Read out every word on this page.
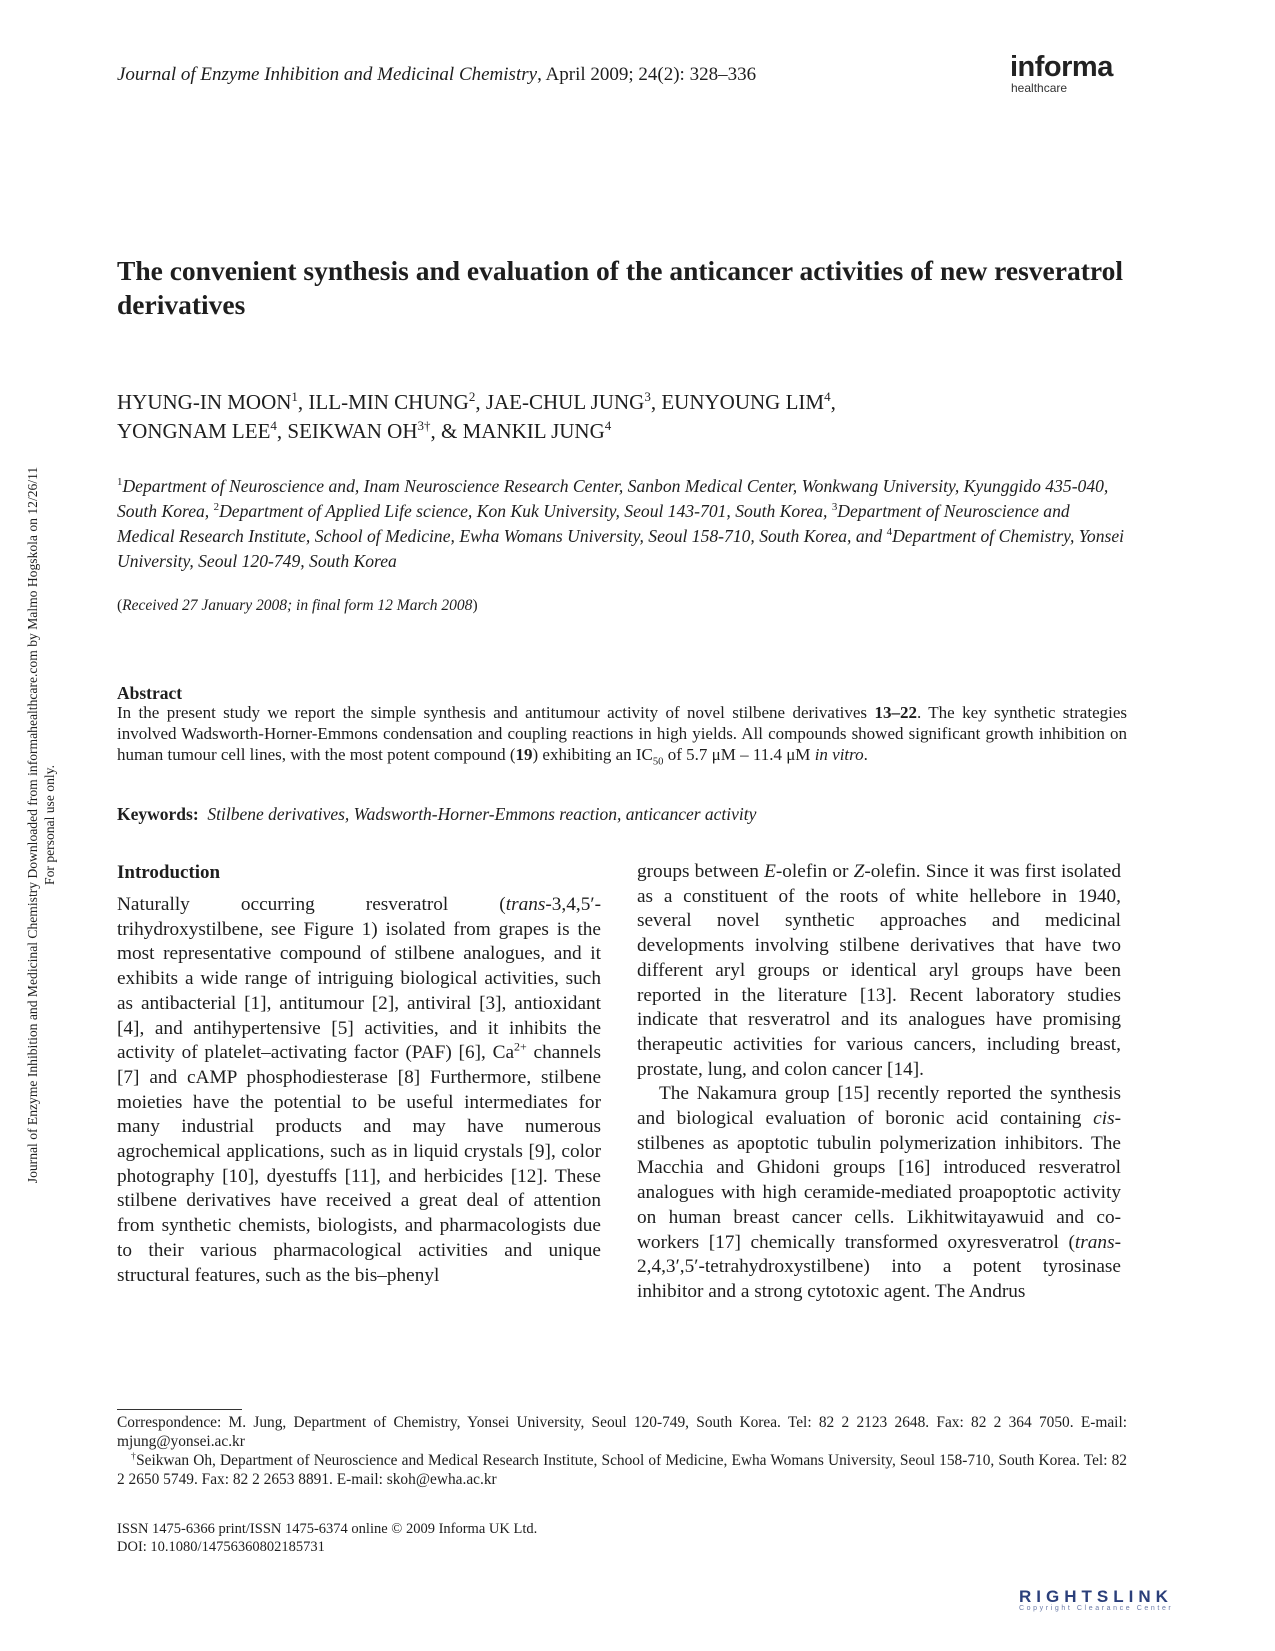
Journal of Enzyme Inhibition and Medicinal Chemistry, April 2009; 24(2): 328–336	informa
healthcare
Journal of Enzyme Inhibition and Medicinal Chemistry Downloaded from informahealthcare.com by Malmo Hogskola on 12/26/11 For personal use only.
The convenient synthesis and evaluation of the anticancer activities of new resveratrol derivatives
HYUNG-IN MOON$^1$, ILL-MIN CHUNG$^2$, JAE-CHUL JUNG$^3$, EUNYOUNG LIM$^4$,
YONGNAM LEE$^4$, SEIKWAN $OH^{3\dagger}$, & MANKIL JUNG$^4$
$^1$Department of Neuroscience and, Inam Neuroscience Research Center, Sanbon Medical Center, Wonkwang University, Kyunggido 435-040, South Korea, $^2$Department of Applied Life science, Kon Kuk University, Seoul 143-701, South Korea, $^3$Department of Neuroscience and Medical Research Institute, School of Medicine, Ewha Womans University, Seoul 158-710, South Korea, and $^4$Department of Chemistry, Yonsei University, Seoul 120-749, South Korea
(Received 27 January 2008; in final form 12 March 2008)
Abstract
In the present study we report the simple synthesis and antitumour activity of novel stilbene derivatives 13–22. The key synthetic strategies involved Wadsworth-Horner-Emmons condensation and coupling reactions in high yields. All compounds showed significant growth inhibition on human tumour cell lines, with the most potent compound (19) exhibiting an $IC_{50}$ of 5.7 μM – 11.4 μM in vitro.
Keywords: Stilbene derivatives, Wadsworth-Horner-Emmons reaction, anticancer activity
Introduction

Naturally occurring resveratrol (trans-3,4,5′-trihydroxystilbene, see Figure 1) isolated from grapes is the most representative compound of stilbene analogues, and it exhibits a wide range of intriguing biological activities, such as antibacterial [1], antitumour [2], antiviral [3], antioxidant [4], and antihypertensive [5] activities, and it inhibits the activity of platelet–activating factor (PAF) [6], $Ca^{2+}$ channels [7] and cAMP phosphodiesterase [8] Furthermore, stilbene moieties have the potential to be useful intermediates for many industrial products and may have numerous agrochemical applications, such as in liquid crystals [9], color photography [10], dyestuffs [11], and herbicides [12]. These stilbene derivatives have received a great deal of attention from synthetic chemists, biologists, and pharmacologists due to their various pharmacological activities and unique structural features, such as the bis–phenyl

groups between E-olefin or Z-olefin. Since it was first isolated as a constituent of the roots of white hellebore in 1940, several novel synthetic approaches and medicinal developments involving stilbene derivatives that have two different aryl groups or identical aryl groups have been reported in the literature [13]. Recent laboratory studies indicate that resveratrol and its analogues have promising therapeutic activities for various cancers, including breast, prostate, lung, and colon cancer [14].

The Nakamura group [15] recently reported the synthesis and biological evaluation of boronic acid containing cis-stilbenes as apoptotic tubulin polymerization inhibitors. The Macchia and Ghidoni groups [16] introduced resveratrol analogues with high ceramide-mediated proapoptotic activity on human breast cancer cells. Likhitwitayawuid and co-workers [17] chemically transformed oxyresveratrol (trans-2,4,3′,5′-tetrahydroxystilbene) into a potent tyrosinase inhibitor and a strong cytotoxic agent. The Andrus

Correspondence: M. Jung, Department of Chemistry, Yonsei University, Seoul 120-749, South Korea. Tel: 82 2 2123 2648. Fax: 82 2 364 7050. E-mail: mjung@yonsei.ac.kr

†Seikwan Oh, Department of Neuroscience and Medical Research Institute, School of Medicine, Ewha Womans University, Seoul 158-710, South Korea. Tel: 82 2 2650 5749. Fax: 82 2 2653 8891. E-mail: skoh@ewha.ac.kr

ISSN 1475-6366 print/ISSN 1475-6374 online © 2009 Informa UK Ltd.
DOI: 10.1080/14756360802185731
RIGHTSLINK
Copyright Clearance Center
